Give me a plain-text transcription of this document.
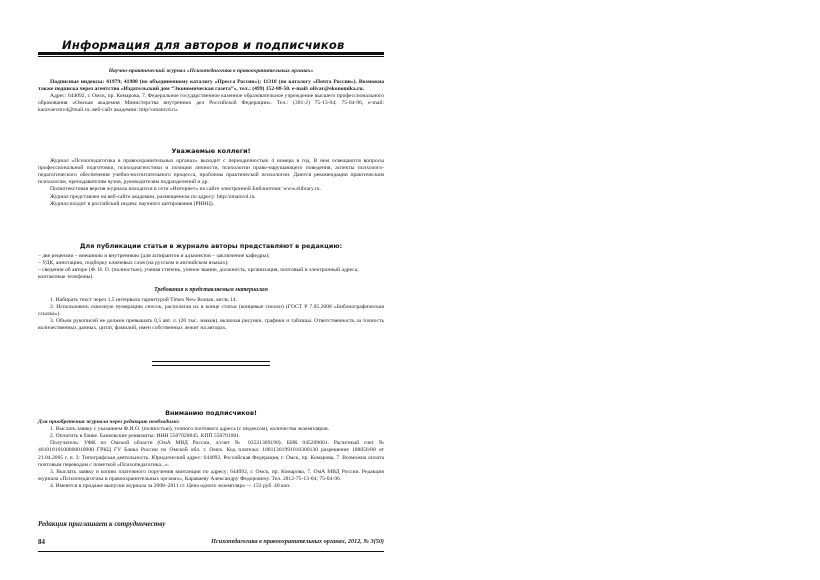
Информация для авторов и подписчиков

Научно-практический журнал «Психопедагогика в правоохранительных органах»

Подписные индексы: 41979; 41980 (по объединенному каталогу «Пресса России»); 11310 (по каталогу «Почта России»). Возможна также подписка через агентство «Издательский дом “Экономическая газета”», тел.: (499) 152-88-50. e-mail: olivar@ekonomika.ru.

Адрес: 644092, г. Омск, пр. Комарова, 7. Федеральное государственное казенное образовательное учреждение высшего профессионального образования «Омская академия Министерства внутренних дел Российской Федерации». Тел.: (381-2) 75-13-04; 75-04-96, e-mail: karavaevmvd@mail.ru; веб-сайт академии: http//omamvd.ru.

Уважаемые коллеги!

Журнал «Психопедагогика в правоохранительных органах» выходит с периодичностью 4 номера в год. В нем освещаются вопросы профессиональной подготовки, психодиагностики и позиции личности, психологии право-нарушающего поведения, аспекты психолого-педагогического обеспечения учебно-воспитательного процесса, проблемы практической психологии. Даются рекомендации практическим психологам, преподавателям вузов, руководителям подразделений и др.

Полнотекстовая версия журнала находится в сети «Интернет» на сайте электронной Библиотеки: www.elibrary.ru.

Журнал представлен на веб-сайте академии, размещенном по адресу: http//omamvd.ru.

Журнал входит в российский индекс научного цитирования (РИНЦ).

Для публикации статьи в журнале авторы представляют в редакцию:

– две рецензии – внешнюю и внутреннюю (для аспирантов и адъюнктов – заключение кафедры);

– УДК, аннотацию, подборку ключевых слов (на русском и английском языках);

– сведения об авторе (Ф. И. О. (полностью), ученая степень, ученое звание, должность, организация, почтовый и электронный адреса, контактные телефоны).

Требования к представляемым материалам

1. Набирать текст через 1,5 интервала гарнитурой Times New Roman, кегль 14.

2. Использовать сквозную нумерацию сносок, располагая их в конце статьи (концевые сноски) (ГОСТ Р 7.05.2008 «Библиографическая ссылка»).

3. Объем рукописей не должен превышать 0,5 авт. л. (20 тыс. знаков), включая рисунки, графики и таблицы. Ответственность за точность количественных данных, цитат, фамилий, имен собственных лежит на авторах.

Вниманию подписчиков!

Для приобретения журнала через редакцию необходимо:

1. Выслать заявку с указанием Ф.И.О. (полностью), точного почтового адреса (с индексом), количества экземпляров.

2. Оплатить в банке. Банковские реквизиты: ИНН 5507028845. КПП 550701001.

Получатель: УФК по Омской области (ОмА МВД России, л/счет № 03521309190). БИК 045209001. Расчетный счет № 40101810100000010000 ГРКЦ ГУ Банка России по Омской обл. г. Омск. Код платежа: 18811301991010300130 разрешение 188056/08 от 21.04.2005 г. п. 3: Типографская деятельность. Юридический адрес: 644092, Российская Федерация, г. Омск, пр. Комарова, 7. Возможна оплата почтовым переводом с пометкой «Психопедагогика...».

3. Выслать заявку и копию платежного поручения квитанции по адресу: 644092, г. Омск, пр. Комарова, 7. ОмА МВД России. Редакция журнала «Психопедагогика в правоохранительных органах», Караваеву Александру Федоровичу. Тел. 2812-75-13-04; 75-04-96.

4. Имеются в продаже выпуски журнала за 2008–2011 гг. Цена одного экземпляра — 153 руб. 40 коп.

Редакция приглашает к сотрудничеству
84	Психопедагогика в правоохранительных органах, 2012, № 3(50)
